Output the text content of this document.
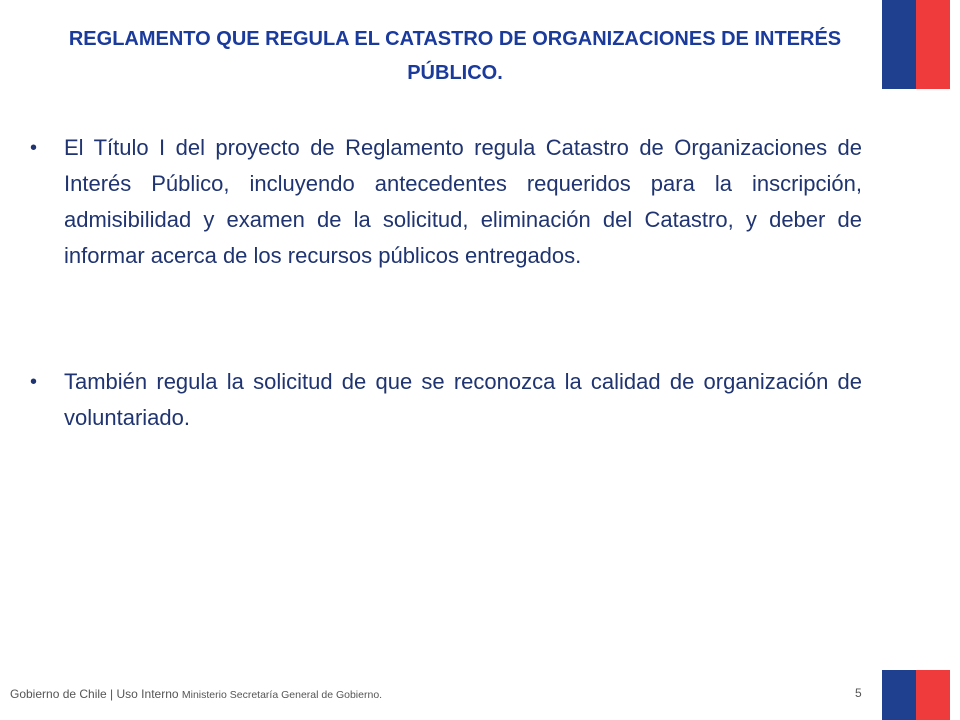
REGLAMENTO QUE REGULA EL CATASTRO DE ORGANIZACIONES DE INTERÉS PÚBLICO.
• El Título I del proyecto de Reglamento regula Catastro de Organizaciones de Interés Público, incluyendo antecedentes requeridos para la inscripción, admisibilidad y examen de la solicitud, eliminación del Catastro, y deber de informar acerca de los recursos públicos entregados.
• También regula la solicitud de que se reconozca la calidad de organización de voluntariado.
Gobierno de Chile | Uso Interno Ministerio Secretaría General de Gobierno.	5
